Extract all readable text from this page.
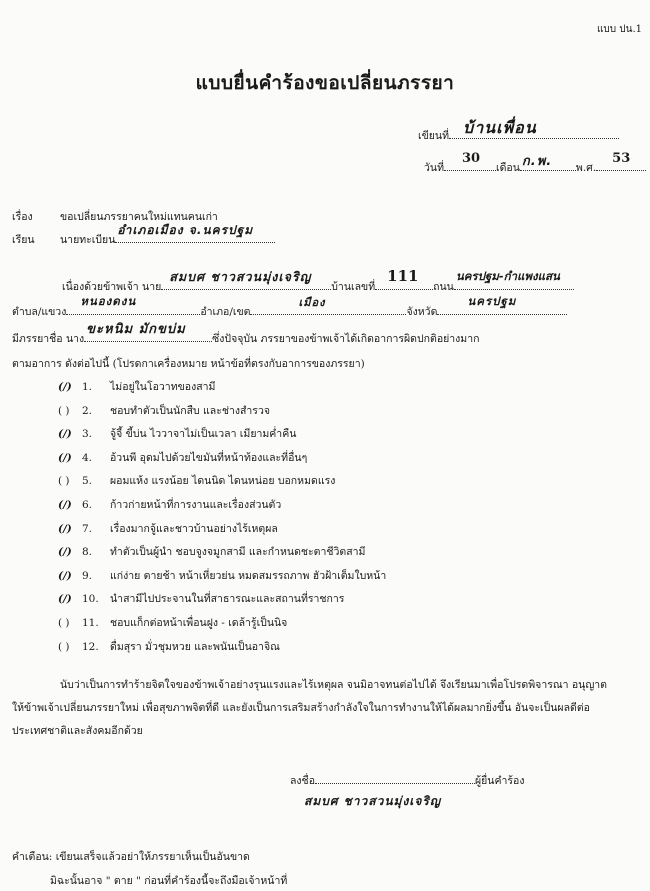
แบบ ปน.1
แบบยื่นคำร้องขอเปลี่ยนภรรยา
เขียนที่ บ้านเพื่อน
วันที่
30
เดือน ก.พ. พ.ศ.
53
เรื่อง	ขอเปลี่ยนภรรยาคนใหม่แทนคนเก่า
เรียน นายทะเบียน
อำเภอเมือง จ.นครปฐม
เนื่องด้วยข้าพเจ้า นาย
สมบศ ชาวสวนมุ่งเจริญ
บ้านเลขที่
111
ถนน
นครปฐม-กำแพงแสน
ตำบล/แขวง
หนองดงน
อำเภอ/เขต
เมือง
จังหวัด
นครปฐม
มีภรรยาชื่อ นาง
ขะหนิม มักขบ่ม
ซึ่งปัจจุบัน ภรรยาของข้าพเจ้าได้เกิดอาการผิดปกติอย่างมาก
ตามอาการ ดังต่อไปนี้ (โปรดกาเครื่องหมาย หน้าข้อที่ตรงกับอาการของภรรยา)
(/) 1. ไม่อยู่ในโอวาทของสามี
( ) 2. ชอบทำตัวเป็นนักสืบ และช่างสำรวจ
(/) 3. จู้จี้ ขี้บ่น ไววาจาไม่เป็นเวลา เมียามค่ำคืน
(/) 4. อ้วนพี อุดมไปด้วยไขมันที่หน้าท้องและที่อื่นๆ
( ) 5. ผอมแห้ง แรงน้อย ไดนนิด ไดนหน่อย บอกหมดแรง
(/) 6. ก้าวก่ายหน้าที่การงานและเรื่องส่วนตัว
(/) 7. เรื่องมากจู้และชาวบ้านอย่างไร้เหตุผล
(/) 8. ทำตัวเป็นผู้นำ ชอบจูงจมูกสามี และกำหนดชะตาชีวิตสามี
(/) 9. แก่ง่าย ตายช้า หน้าเหี่ยวย่น หมดสมรรถภาพ ฮัวฝ้าเต็มใบหน้า
(/) 10. นำสามีไปประจานในที่สาธารณะและสถานที่ราชการ
( ) 11. ชอบแก็กต่อหน้าเพื่อนฝูง - เดล้ารู้เป็นนิจ
( ) 12. ดื่มสุรา มั่วชุมหวย และพนันเป็นอาจิณ
นับว่าเป็นการทำร้ายจิตใจของข้าพเจ้าอย่างรุนแรงและไร้เหตุผล จนมิอาจทนต่อไปได้ จึงเรียนมาเพื่อโปรดพิจารณา อนุญาต
ให้ข้าพเจ้าเปลี่ยนภรรยาใหม่ เพื่อสุขภาพจิตที่ดี และยังเป็นการเสริมสร้างกำลังใจในการทำงานให้ได้ผลมากยิ่งขึ้น อันจะเป็นผลดีต่อ
ประเทศชาติและสังคมอีกด้วย
ลงชื่อ	ผู้ยื่นคำร้อง
สมบศ ชาวสวนมุ่งเจริญ
คำเตือน: เขียนเสร็จแล้วอย่าให้ภรรยาเห็นเป็นอันขาด
มิฉะนั้นอาจ " ตาย " ก่อนที่คำร้องนี้จะถึงมือเจ้าหน้าที่
